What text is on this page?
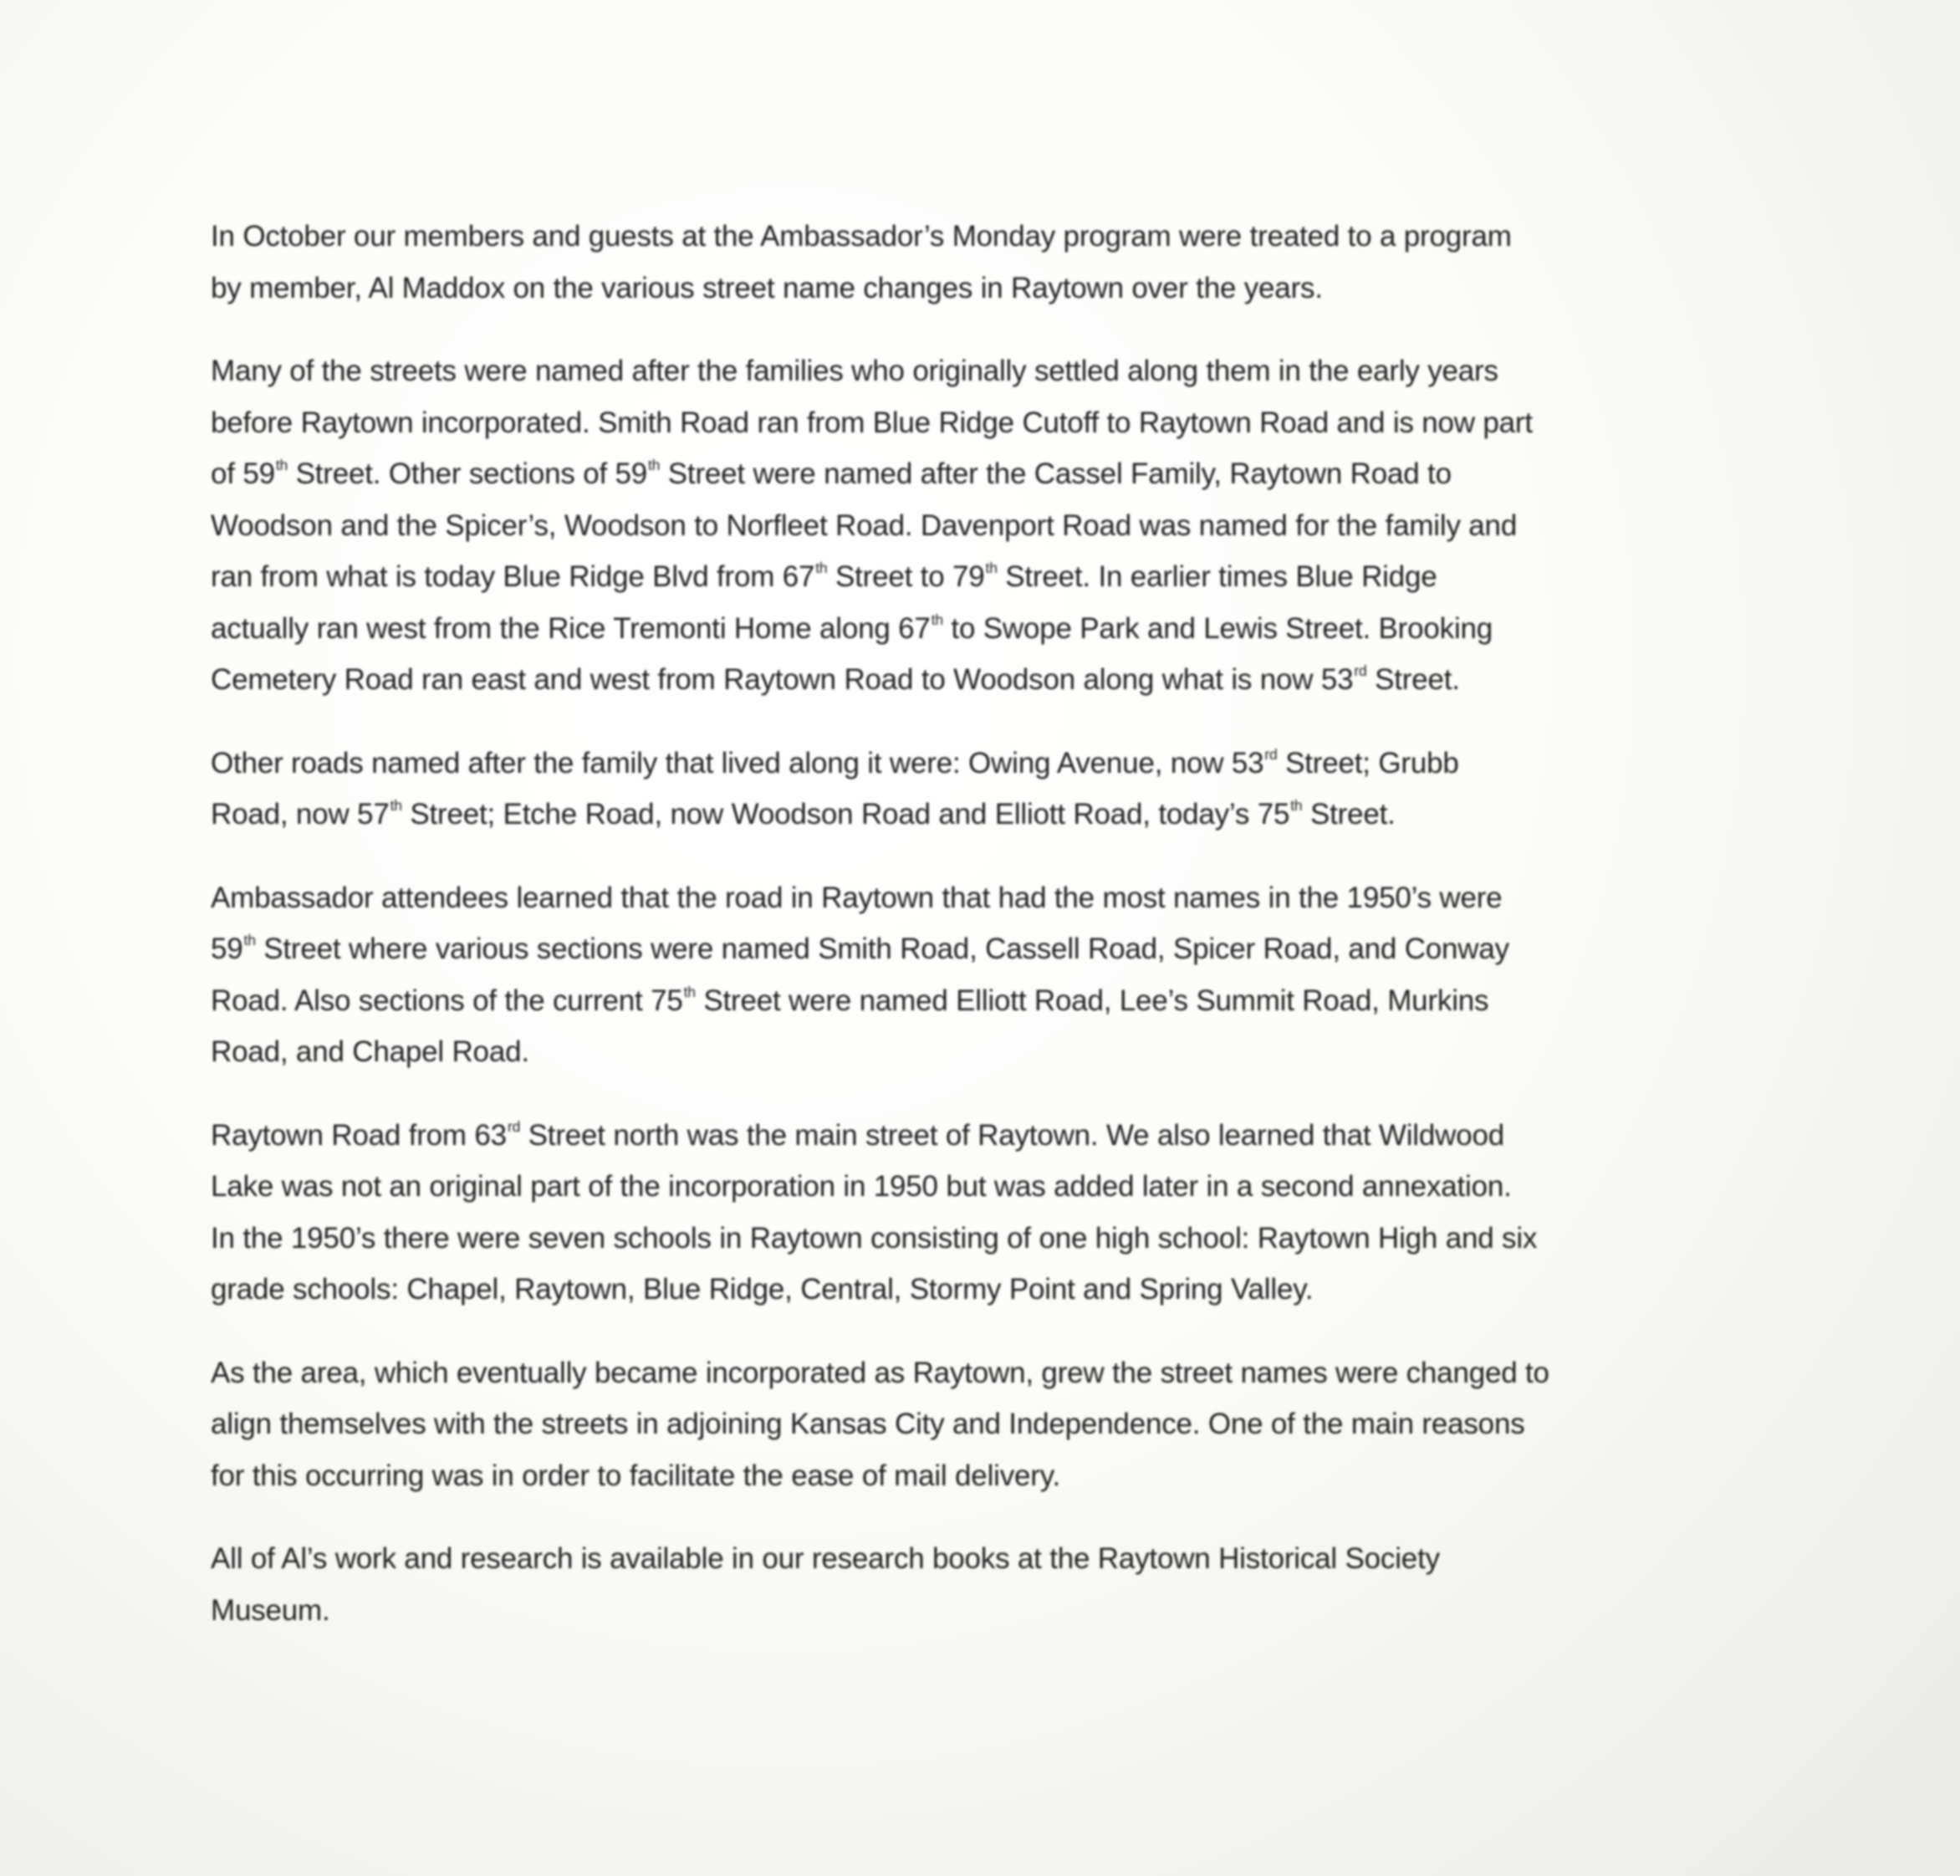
In October our members and guests at the Ambassador’s Monday program were treated to a program
by member, Al Maddox on the various street name changes in Raytown over the years.
Many of the streets were named after the families who originally settled along them in the early years
before Raytown incorporated. Smith Road ran from Blue Ridge Cutoff to Raytown Road and is now part
of 59th Street. Other sections of 59th Street were named after the Cassel Family, Raytown Road to
Woodson and the Spicer’s, Woodson to Norfleet Road. Davenport Road was named for the family and
ran from what is today Blue Ridge Blvd from 67th Street to 79th Street. In earlier times Blue Ridge
actually ran west from the Rice Tremonti Home along 67th to Swope Park and Lewis Street. Brooking
Cemetery Road ran east and west from Raytown Road to Woodson along what is now 53rd Street.
Other roads named after the family that lived along it were: Owing Avenue, now 53rd Street; Grubb
Road, now 57th Street; Etche Road, now Woodson Road and Elliott Road, today’s 75th Street.
Ambassador attendees learned that the road in Raytown that had the most names in the 1950’s were
59th Street where various sections were named Smith Road, Cassell Road, Spicer Road, and Conway
Road. Also sections of the current 75th Street were named Elliott Road, Lee’s Summit Road, Murkins
Road, and Chapel Road.
Raytown Road from 63rd Street north was the main street of Raytown. We also learned that Wildwood
Lake was not an original part of the incorporation in 1950 but was added later in a second annexation.
In the 1950’s there were seven schools in Raytown consisting of one high school: Raytown High and six
grade schools: Chapel, Raytown, Blue Ridge, Central, Stormy Point and Spring Valley.
As the area, which eventually became incorporated as Raytown, grew the street names were changed to
align themselves with the streets in adjoining Kansas City and Independence. One of the main reasons
for this occurring was in order to facilitate the ease of mail delivery.
All of Al’s work and research is available in our research books at the Raytown Historical Society
Museum.
